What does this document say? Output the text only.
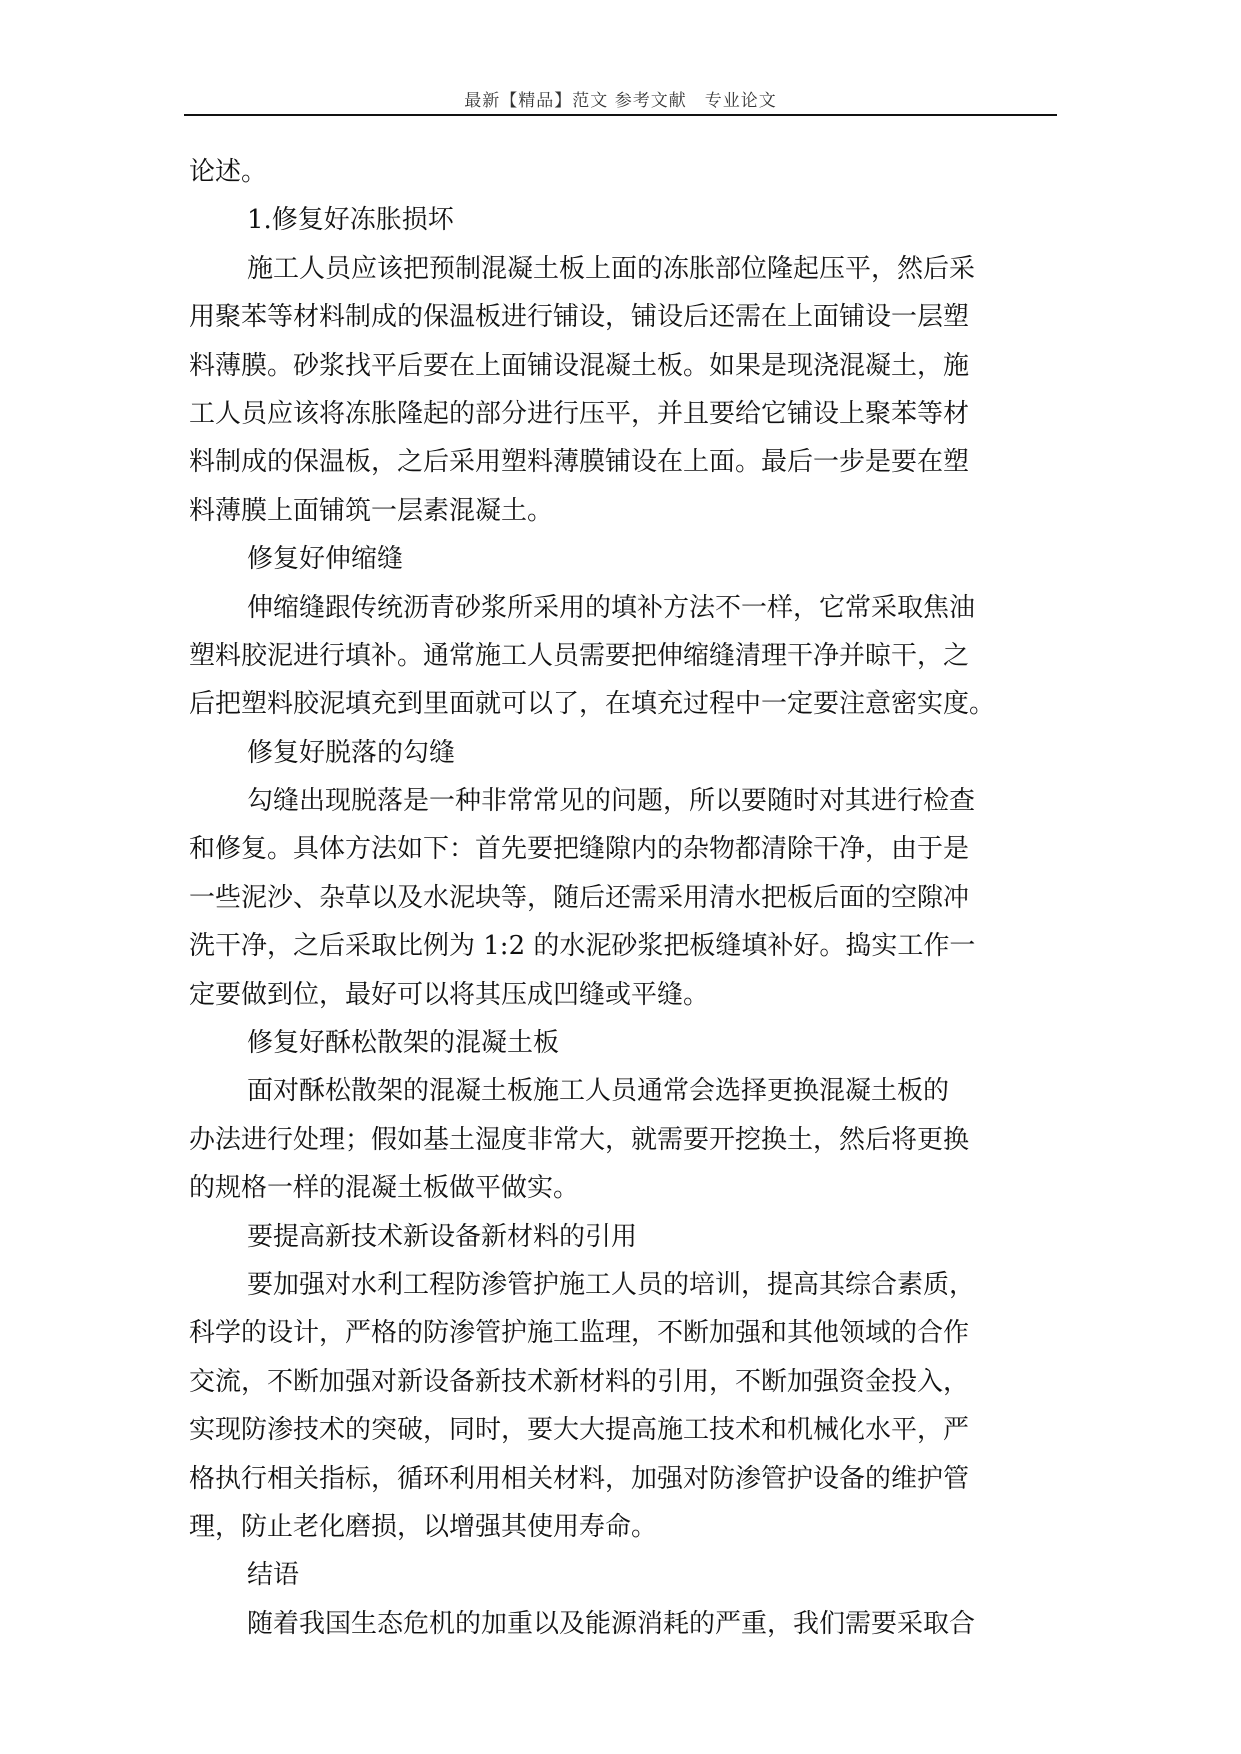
最新【精品】范文 参考文献　专业论文
论述。
1.修复好冻胀损坏
施工人员应该把预制混凝土板上面的冻胀部位隆起压平，然后采
用聚苯等材料制成的保温板进行铺设，铺设后还需在上面铺设一层塑
料薄膜。砂浆找平后要在上面铺设混凝土板。如果是现浇混凝土，施
工人员应该将冻胀隆起的部分进行压平，并且要给它铺设上聚苯等材
料制成的保温板，之后采用塑料薄膜铺设在上面。最后一步是要在塑
料薄膜上面铺筑一层素混凝土。
修复好伸缩缝
伸缩缝跟传统沥青砂浆所采用的填补方法不一样，它常采取焦油
塑料胶泥进行填补。通常施工人员需要把伸缩缝清理干净并晾干，之
后把塑料胶泥填充到里面就可以了，在填充过程中一定要注意密实度。
修复好脱落的勾缝
勾缝出现脱落是一种非常常见的问题，所以要随时对其进行检查
和修复。具体方法如下：首先要把缝隙内的杂物都清除干净，由于是
一些泥沙、杂草以及水泥块等，随后还需采用清水把板后面的空隙冲
洗干净，之后采取比例为 1:2 的水泥砂浆把板缝填补好。捣实工作一
定要做到位，最好可以将其压成凹缝或平缝。
修复好酥松散架的混凝土板
面对酥松散架的混凝土板施工人员通常会选择更换混凝土板的
办法进行处理；假如基土湿度非常大，就需要开挖换土，然后将更换
的规格一样的混凝土板做平做实。
要提高新技术新设备新材料的引用
要加强对水利工程防渗管护施工人员的培训，提高其综合素质，
科学的设计，严格的防渗管护施工监理，不断加强和其他领域的合作
交流，不断加强对新设备新技术新材料的引用，不断加强资金投入，
实现防渗技术的突破，同时，要大大提高施工技术和机械化水平，严
格执行相关指标，循环利用相关材料，加强对防渗管护设备的维护管
理，防止老化磨损，以增强其使用寿命。
结语
随着我国生态危机的加重以及能源消耗的严重，我们需要采取合
